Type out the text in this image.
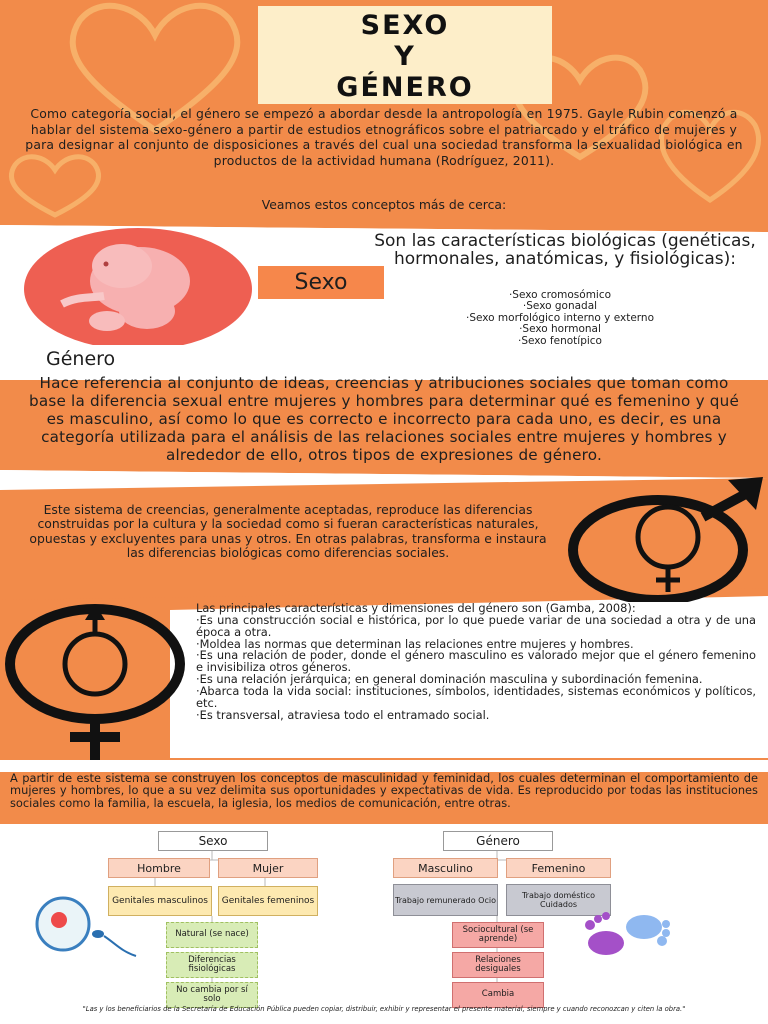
SEXO
Y
GÉNERO
Como categoría social, el género se empezó a abordar desde la antropología en 1975. Gayle Rubin comenzó a hablar del sistema sexo-género a partir de estudios etnográficos sobre el patriarcado y el tráfico de mujeres y para designar al conjunto de disposiciones a través del cual una sociedad transforma la sexualidad biológica en productos de la actividad humana (Rodríguez, 2011).
Veamos estos conceptos más de cerca:
Sexo
Son las características biológicas (genéticas, hormonales, anatómicas, y fisiológicas):
·Sexo cromosómico
·Sexo gonadal
·Sexo morfológico interno y externo
·Sexo hormonal
·Sexo fenotípico
Género
Hace referencia al conjunto de ideas, creencias y atribuciones sociales que toman como base la diferencia sexual entre mujeres y hombres para determinar qué es femenino y qué es masculino, así como lo que es correcto e incorrecto para cada uno, es decir, es una categoría utilizada para el análisis de las relaciones sociales entre mujeres y hombres y alrededor de ello, otros tipos de expresiones de género.
Este sistema de creencias, generalmente aceptadas, reproduce las diferencias construidas por la cultura y la sociedad como si fueran características naturales, opuestas y excluyentes para unas y otros. En otras palabras, transforma e instaura las diferencias biológicas como diferencias sociales.
Las principales características y dimensiones del género son (Gamba, 2008):
·Es una construcción social e histórica, por lo que puede variar de una sociedad a otra y de una época a otra.
·Moldea las normas que determinan las relaciones entre mujeres y hombres.
·Es una relación de poder, donde el género masculino es valorado mejor que el género femenino e invisibiliza otros géneros.
·Es una relación jerárquica; en general dominación masculina y subordinación femenina.
·Abarca toda la vida social: instituciones, símbolos, identidades, sistemas económicos y políticos, etc.
·Es transversal, atraviesa todo el entramado social.
A partir de este sistema se construyen los conceptos de masculinidad y feminidad, los cuales determinan el comportamiento de mujeres y hombres, lo que a su vez delimita sus oportunidades y expectativas de vida. Es reproducido por todas las instituciones sociales como la familia, la escuela, la iglesia, los medios de comunicación, entre otras.
Sexo
Hombre	Mujer
Genitales masculinos	Genitales femeninos
Natural (se nace)
Diferencias fisiológicas
No cambia por sí solo
Género
Masculino	Femenino
Trabajo remunerado Ocio	Trabajo doméstico Cuidados
Sociocultural (se aprende)
Relaciones desiguales
Cambia
"Las y los beneficiarios de la Secretaría de Educación Pública pueden copiar, distribuir, exhibir y representar el presente material, siempre y cuando reconozcan y citen la obra."
